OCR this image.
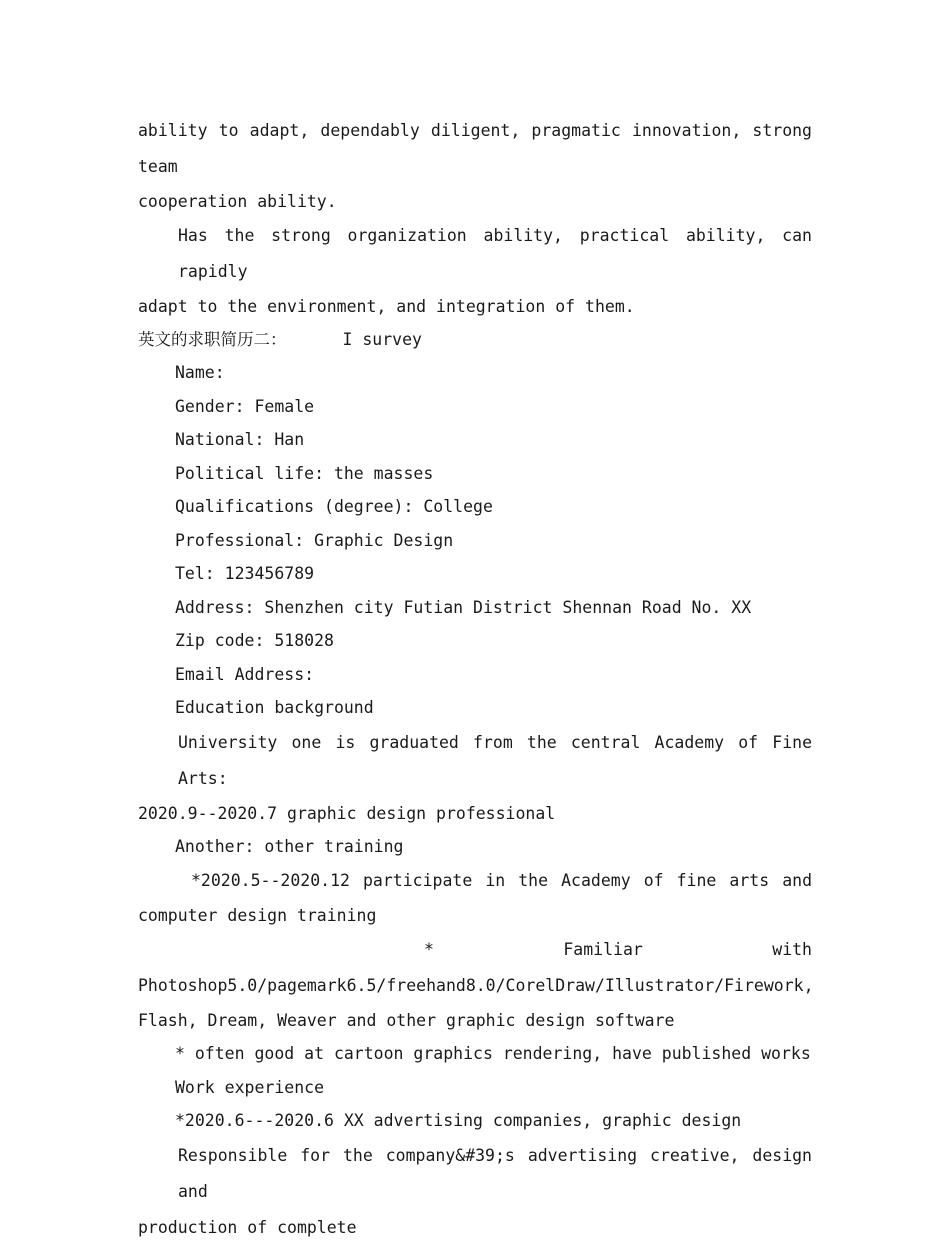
ability to adapt, dependably diligent, pragmatic innovation, strong team

cooperation ability.

Has the strong organization ability, practical ability, can rapidly

adapt to the environment, and integration of them.

英文的求职简历二：	I survey

Name:

Gender: Female

National: Han

Political life: the masses

Qualifications (degree): College

Professional: Graphic Design

Tel: 123456789

Address: Shenzhen city Futian District Shennan Road No. XX

Zip code: 518028

Email Address:

Education background

University one is graduated from the central Academy of Fine Arts:

2020.9--2020.7 graphic design professional

Another: other training

*2020.5--2020.12 participate in the Academy of fine arts and

computer design training

* Familiar with

Photoshop5.0/pagemark6.5/freehand8.0/CorelDraw/Illustrator/Firework,

Flash, Dream, Weaver and other graphic design software

* often good at cartoon graphics rendering, have published works

Work experience

*2020.6---2020.6 XX advertising companies, graphic design

Responsible for the company&#39;s advertising creative, design and

production of complete
